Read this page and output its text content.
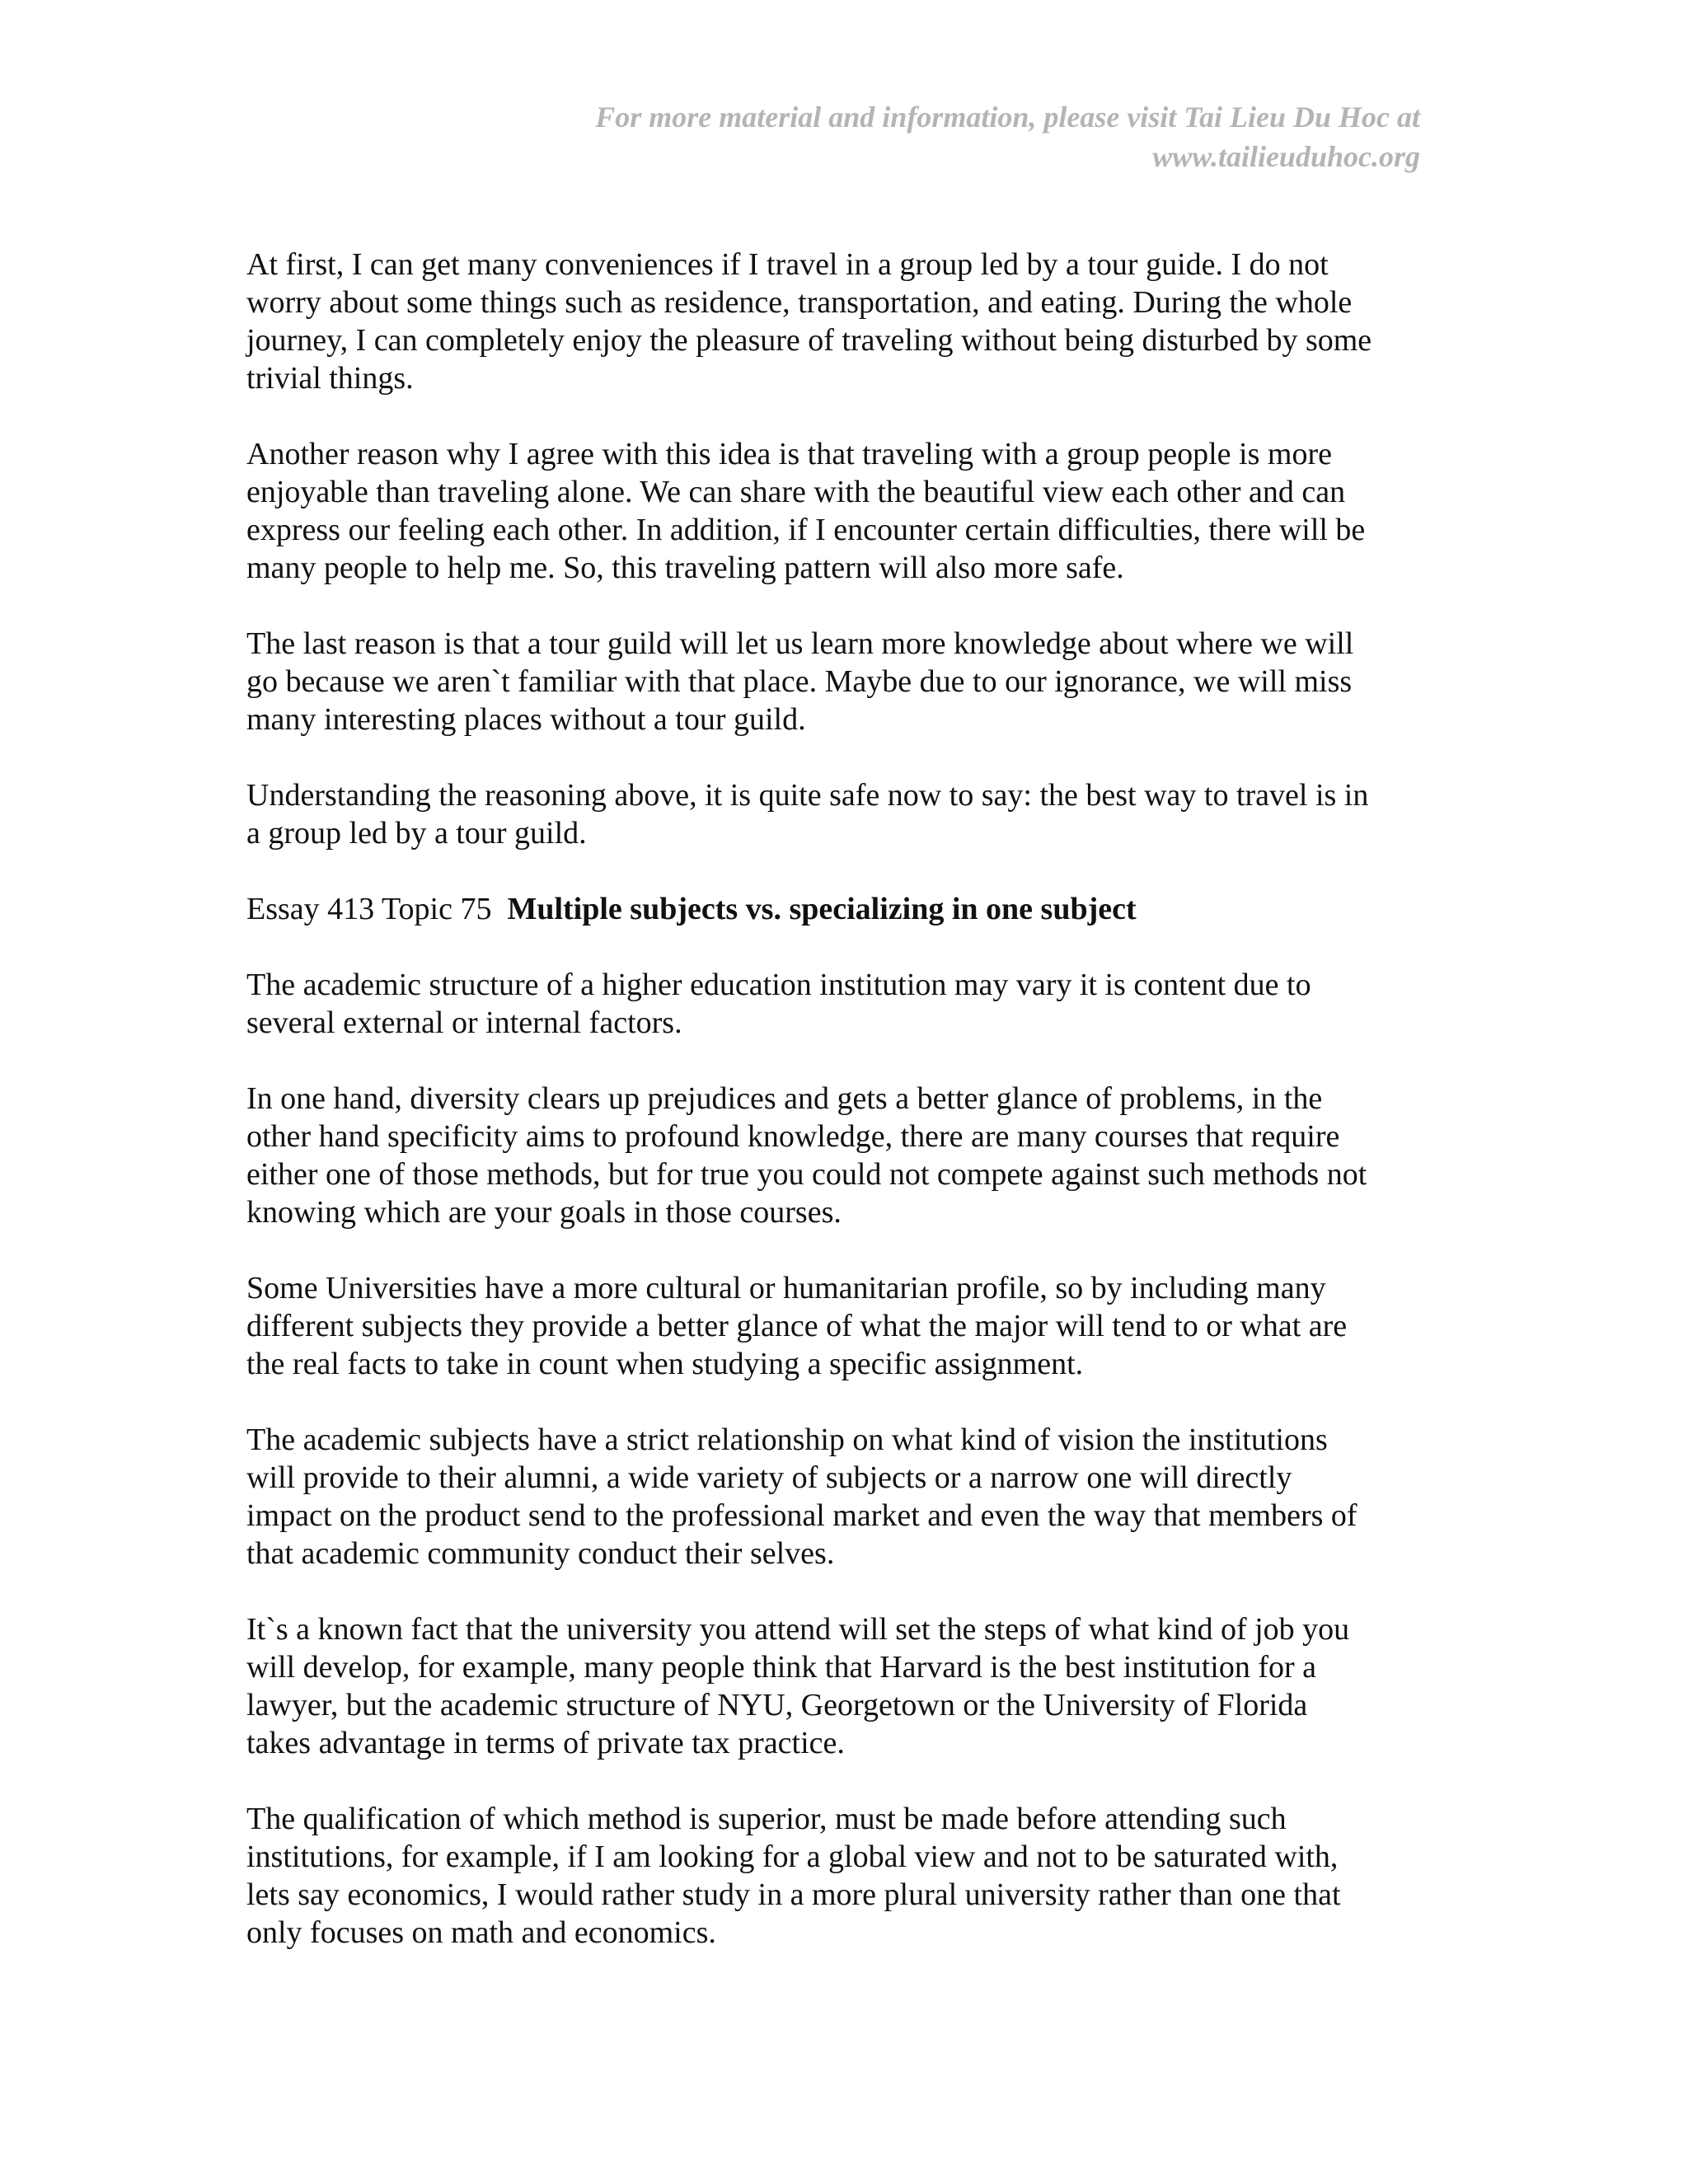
For more material and information, please visit Tai Lieu Du Hoc at
www.tailieuduhoc.org

At first, I can get many conveniences if I travel in a group led by a tour guide. I do not
worry about some things such as residence, transportation, and eating. During the whole
journey, I can completely enjoy the pleasure of traveling without being disturbed by some
trivial things.

Another reason why I agree with this idea is that traveling with a group people is more
enjoyable than traveling alone. We can share with the beautiful view each other and can
express our feeling each other. In addition, if I encounter certain difficulties, there will be
many people to help me. So, this traveling pattern will also more safe.

The last reason is that a tour guild will let us learn more knowledge about where we will
go because we aren`t familiar with that place. Maybe due to our ignorance, we will miss
many interesting places without a tour guild.

Understanding the reasoning above, it is quite safe now to say: the best way to travel is in
a group led by a tour guild.

Essay 413 Topic 75 Multiple subjects vs. specializing in one subject

The academic structure of a higher education institution may vary it is content due to
several external or internal factors.

In one hand, diversity clears up prejudices and gets a better glance of problems, in the
other hand specificity aims to profound knowledge, there are many courses that require
either one of those methods, but for true you could not compete against such methods not
knowing which are your goals in those courses.

Some Universities have a more cultural or humanitarian profile, so by including many
different subjects they provide a better glance of what the major will tend to or what are
the real facts to take in count when studying a specific assignment.

The academic subjects have a strict relationship on what kind of vision the institutions
will provide to their alumni, a wide variety of subjects or a narrow one will directly
impact on the product send to the professional market and even the way that members of
that academic community conduct their selves.

It`s a known fact that the university you attend will set the steps of what kind of job you
will develop, for example, many people think that Harvard is the best institution for a
lawyer, but the academic structure of NYU, Georgetown or the University of Florida
takes advantage in terms of private tax practice.

The qualification of which method is superior, must be made before attending such
institutions, for example, if I am looking for a global view and not to be saturated with,
lets say economics, I would rather study in a more plural university rather than one that
only focuses on math and economics.
